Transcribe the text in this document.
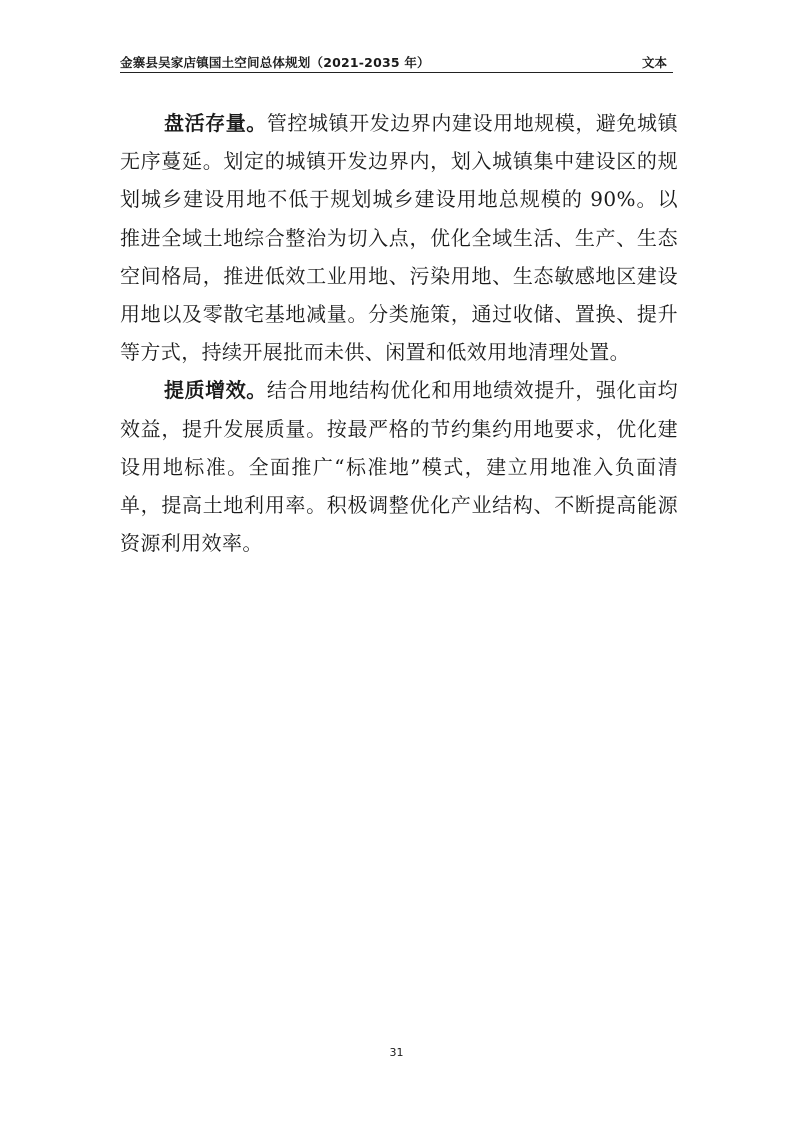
金寨县吴家店镇国土空间总体规划（2021-2035 年）	文本

盘活存量。管控城镇开发边界内建设用地规模，避免城镇无序蔓延。划定的城镇开发边界内，划入城镇集中建设区的规划城乡建设用地不低于规划城乡建设用地总规模的 90%。以推进全域土地综合整治为切入点，优化全域生活、生产、生态空间格局，推进低效工业用地、污染用地、生态敏感地区建设用地以及零散宅基地减量。分类施策，通过收储、置换、提升等方式，持续开展批而未供、闲置和低效用地清理处置。

提质增效。结合用地结构优化和用地绩效提升，强化亩均效益，提升发展质量。按最严格的节约集约用地要求，优化建设用地标准。全面推广“标准地”模式，建立用地准入负面清单，提高土地利用率。积极调整优化产业结构、不断提高能源资源利用效率。

31
